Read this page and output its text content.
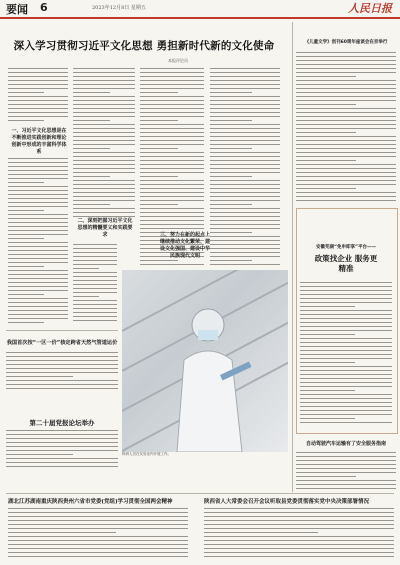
要闻 6	2023年12月8日 星期五	人民日报
深入学习贯彻习近平文化思想 勇担新时代新的文化使命
本报评论员
一、习近平文化思想是在不断推进实践创新和理论创新中形成的丰富科学体系
二、深刻把握习近平文化思想的精髓要义和实践要求	三、努力在新的起点上继续推动文化繁荣、建设文化强国、建设中华民族现代文明
科研人员在实验室内开展工作。
我国首次按“一区一价”核定跨省天然气管道运价
第二十届党报论坛举办
《儿童文学》创刊60周年座谈会在京举行
安徽芜湖“免申即享”平台——
政策找企业 服务更精准
自动驾驶汽车运输有了安全服务指南
湖北江苏湖南重庆陕西贵州六省市党委(党组)学习贯彻全国两会精神	陕西省人大常委会召开会议听取县党委贯彻落实党中央决策部署情况
